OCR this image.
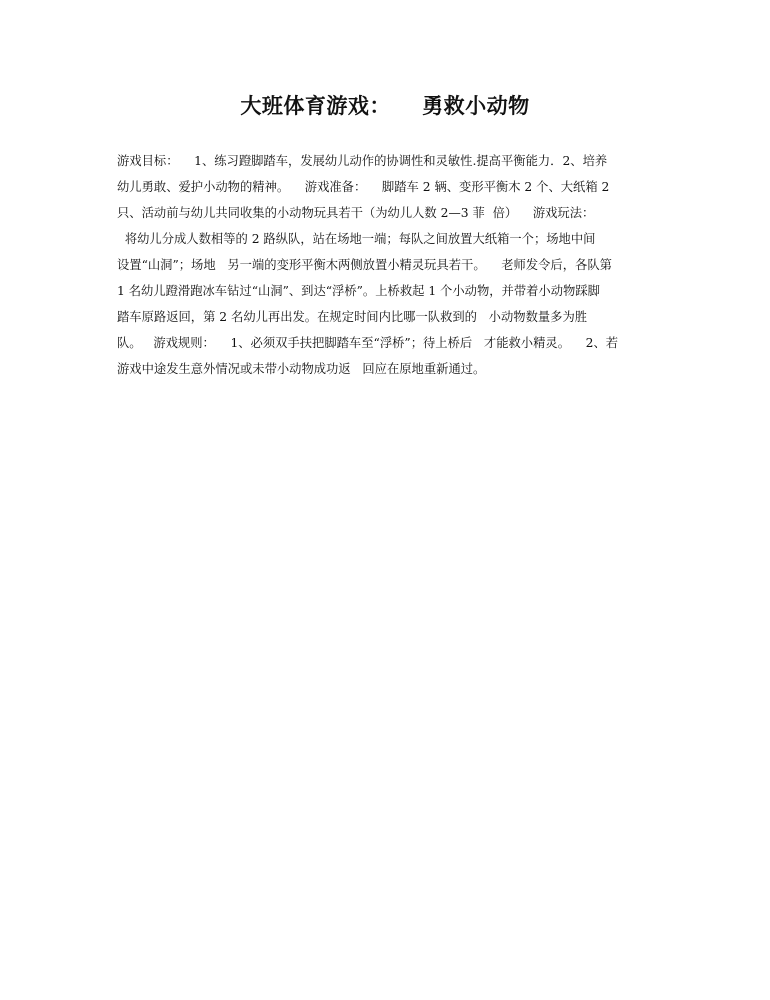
大班体育游戏：    勇救小动物
游戏目标：    1、练习蹬脚踏车，发展幼儿动作的协调性和灵敏性.提高平衡能力．2、培养
幼儿勇敢、爱护小动物的精神。    游戏准备：    脚踏车 2 辆、变形平衡木 2 个、大纸箱 2
只、活动前与幼儿共同收集的小动物玩具若干（为幼儿人数 2—3 菲  倍）    游戏玩法：
将幼儿分成人数相等的 2 路纵队，站在场地一端；每队之间放置大纸箱一个；场地中间
设置“山洞”；场地   另一端的变形平衡木两侧放置小精灵玩具若干。    老师发令后，各队第
1 名幼儿蹬滑跑冰车钻过“山洞”、到达“浮桥”。上桥救起 1 个小动物，并带着小动物踩脚
踏车原路返回，第 2 名幼儿再出发。在规定时间内比哪一队救到的   小动物数量多为胜
队。   游戏规则：    1、必须双手扶把脚踏车至“浮桥”；待上桥后   才能救小精灵。    2、若
游戏中途发生意外情况或未带小动物成功返   回应在原地重新通过。
